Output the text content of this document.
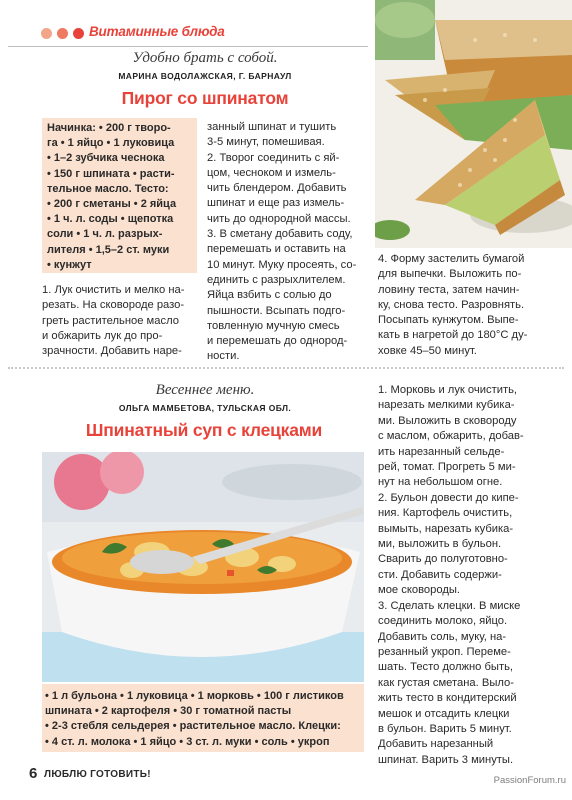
Витаминные блюда
Удобно брать с собой.
МАРИНА ВОДОЛАЖСКАЯ, Г. БАРНАУЛ
Пирог со шпинатом
Начинка: • 200 г творо-
га • 1 яйцо • 1 луковица
• 1–2 зубчика чеснока
• 150 г шпината • расти-
тельное масло. Тесто:
• 200 г сметаны • 2 яйца
• 1 ч. л. соды • щепотка
соли • 1 ч. л. разрых-
лителя • 1,5–2 ст. муки
• кунжут
1. Лук очистить и мелко на-
резать. На сковороде разо-
греть растительное масло
и обжарить лук до про-
зрачности. Добавить наре-
занный шпинат и тушить
3-5 минут, помешивая.
2. Творог соединить с яй-
цом, чесноком и измель-
чить блендером. Добавить
шпинат и еще раз измель-
чить до однородной массы.
3. В сметану добавить соду,
перемешать и оставить на
10 минут. Муку просеять, со-
единить с разрыхлителем.
Яйца взбить с солью до
пышности. Всыпать подго-
товленную мучную смесь
и перемешать до однород-
ности.
4. Форму застелить бумагой
для выпечки. Выложить по-
ловину теста, затем начин-
ку, снова тесто. Разровнять.
Посыпать кунжутом. Выпе-
кать в нагретой до 180°С ду-
ховке 45–50 минут.
Весеннее меню.
ОЛЬГА МАМБЕТОВА, ТУЛЬСКАЯ ОБЛ.
Шпинатный суп с клецками
• 1 л бульона • 1 луковица • 1 морковь • 100 г листиков
шпината • 2 картофеля • 30 г томатной пасты
• 2-3 стебля сельдерея • растительное масло. Клецки:
• 4 ст. л. молока • 1 яйцо • 3 ст. л. муки • соль • укроп
1. Морковь и лук очистить,
нарезать мелкими кубика-
ми. Выложить в сковороду
с маслом, обжарить, добав-
ить нарезанный сельде-
рей, томат. Прогреть 5 ми-
нут на небольшом огне.
2. Бульон довести до кипе-
ния. Картофель очистить,
вымыть, нарезать кубика-
ми, выложить в бульон.
Сварить до полуготовно-
сти. Добавить содержи-
мое сковороды.
3. Сделать клецки. В миске
соединить молоко, яйцо.
Добавить соль, муку, на-
резанный укроп. Переме-
шать. Тесто должно быть,
как густая сметана. Выло-
жить тесто в кондитерский
мешок и отсадить клецки
в бульон. Варить 5 минут.
Добавить нарезанный
шпинат. Варить 3 минуты.
6 ЛЮБЛЮ ГОТОВИТЬ!
PassionForum.ru
